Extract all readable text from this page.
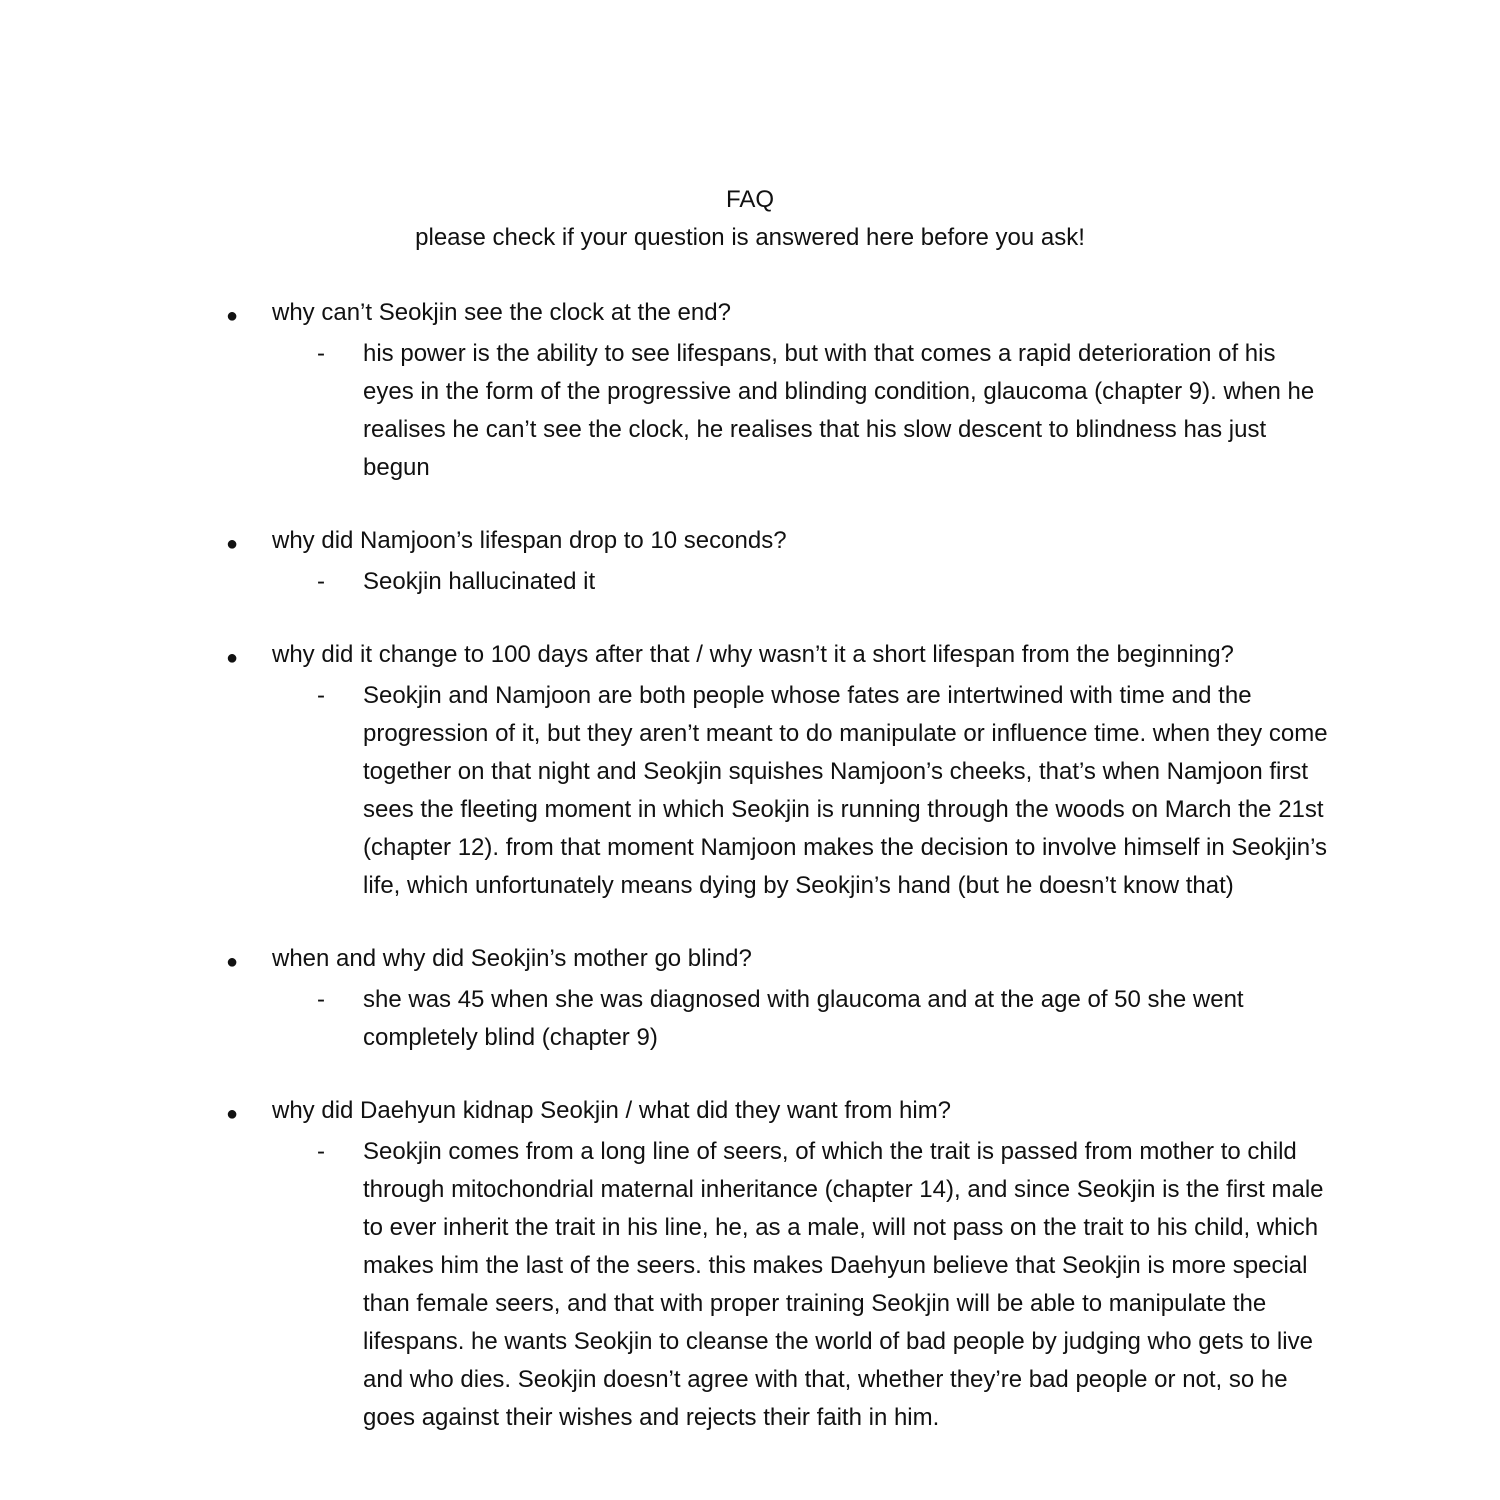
FAQ
please check if your question is answered here before you ask!
● why can’t Seokjin see the clock at the end?
- his power is the ability to see lifespans, but with that comes a rapid deterioration of his eyes in the form of the progressive and blinding condition, glaucoma (chapter 9). when he realises he can’t see the clock, he realises that his slow descent to blindness has just begun
● why did Namjoon’s lifespan drop to 10 seconds?
- Seokjin hallucinated it
● why did it change to 100 days after that / why wasn’t it a short lifespan from the beginning?
- Seokjin and Namjoon are both people whose fates are intertwined with time and the progression of it, but they aren’t meant to do manipulate or influence time. when they come together on that night and Seokjin squishes Namjoon’s cheeks, that’s when Namjoon first sees the fleeting moment in which Seokjin is running through the woods on March the 21st (chapter 12). from that moment Namjoon makes the decision to involve himself in Seokjin’s life, which unfortunately means dying by Seokjin’s hand (but he doesn’t know that)
● when and why did Seokjin’s mother go blind?
- she was 45 when she was diagnosed with glaucoma and at the age of 50 she went completely blind (chapter 9)
● why did Daehyun kidnap Seokjin / what did they want from him?
- Seokjin comes from a long line of seers, of which the trait is passed from mother to child through mitochondrial maternal inheritance (chapter 14), and since Seokjin is the first male to ever inherit the trait in his line, he, as a male, will not pass on the trait to his child, which makes him the last of the seers. this makes Daehyun believe that Seokjin is more special than female seers, and that with proper training Seokjin will be able to manipulate the lifespans. he wants Seokjin to cleanse the world of bad people by judging who gets to live and who dies. Seokjin doesn’t agree with that, whether they’re bad people or not, so he goes against their wishes and rejects their faith in him.
